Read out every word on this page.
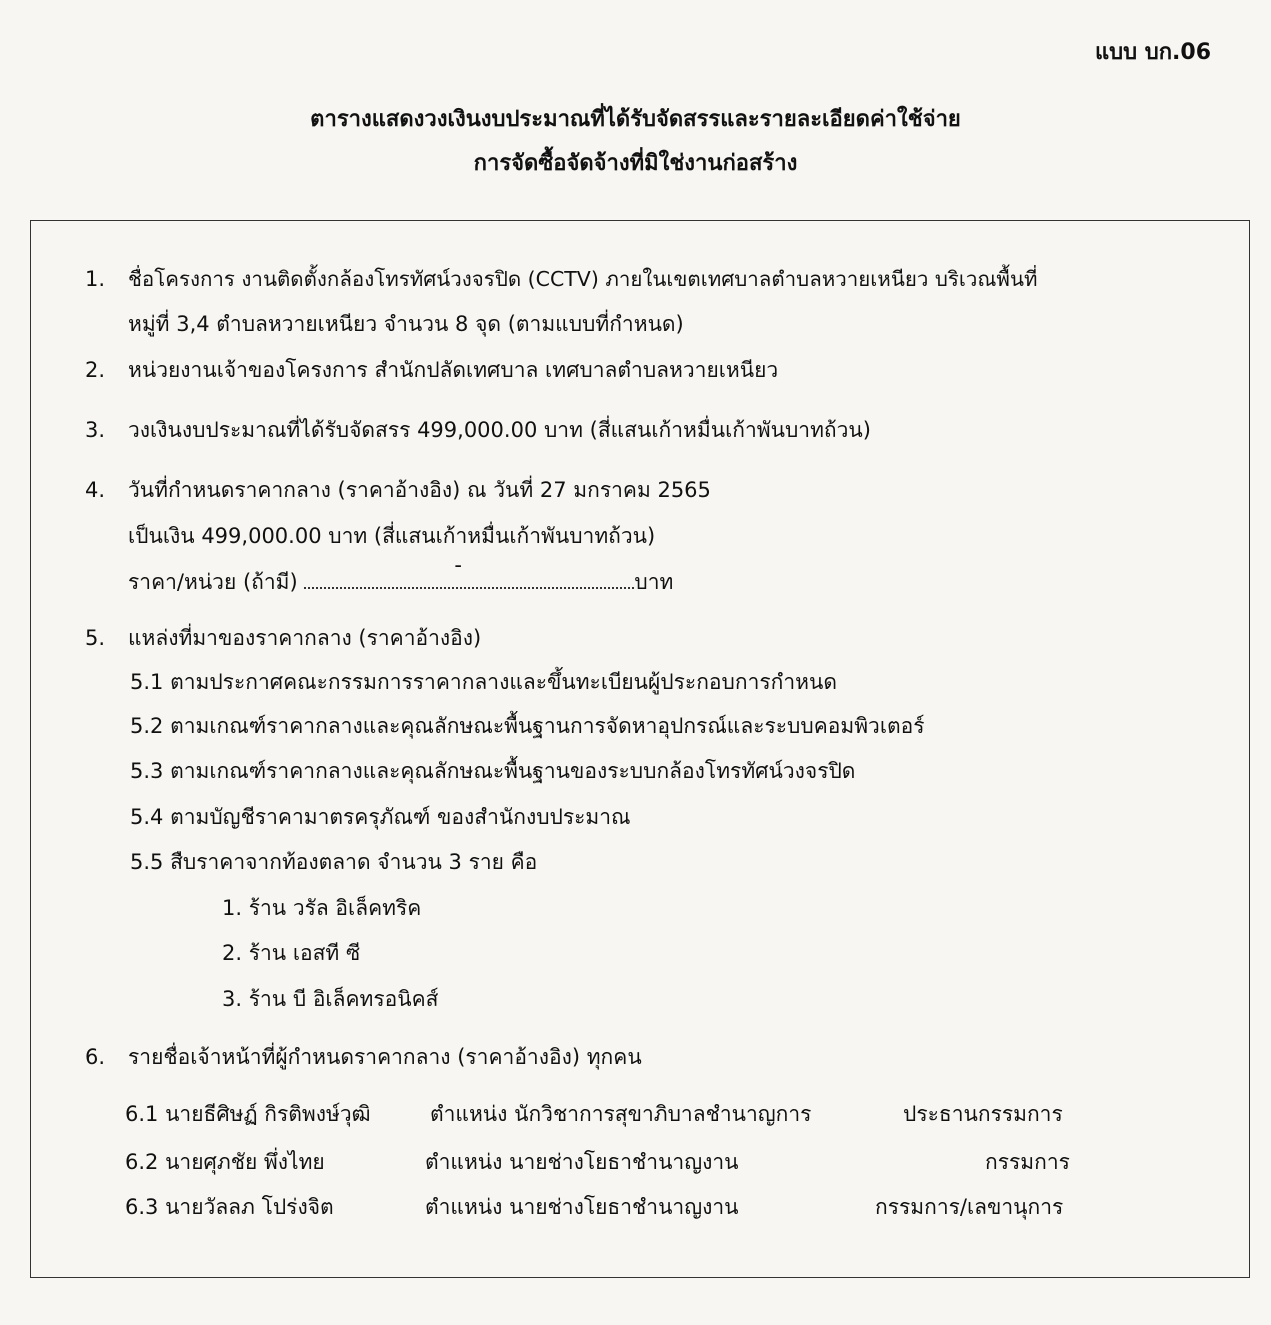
แบบ บก.06
ตารางแสดงวงเงินงบประมาณที่ได้รับจัดสรรและรายละเอียดค่าใช้จ่าย
การจัดซื้อจัดจ้างที่มิใช่งานก่อสร้าง
1. ชื่อโครงการ งานติดตั้งกล้องโทรทัศน์วงจรปิด (CCTV) ภายในเขตเทศบาลตำบลหวายเหนียว บริเวณพื้นที่
หมู่ที่ 3,4 ตำบลหวายเหนียว จำนวน 8 จุด (ตามแบบที่กำหนด)
2. หน่วยงานเจ้าของโครงการ สำนักปลัดเทศบาล เทศบาลตำบลหวายเหนียว
3. วงเงินงบประมาณที่ได้รับจัดสรร 499,000.00 บาท (สี่แสนเก้าหมื่นเก้าพันบาทถ้วน)
4. วันที่กำหนดราคากลาง (ราคาอ้างอิง) ณ วันที่ 27 มกราคม 2565
เป็นเงิน 499,000.00 บาท (สี่แสนเก้าหมื่นเก้าพันบาทถ้วน)
ราคา/หน่วย (ถ้ามี)
-
บาท
5. แหล่งที่มาของราคากลาง (ราคาอ้างอิง)
5.1 ตามประกาศคณะกรรมการราคากลางและขึ้นทะเบียนผู้ประกอบการกำหนด
5.2 ตามเกณฑ์ราคากลางและคุณลักษณะพื้นฐานการจัดหาอุปกรณ์และระบบคอมพิวเตอร์
5.3 ตามเกณฑ์ราคากลางและคุณลักษณะพื้นฐานของระบบกล้องโทรทัศน์วงจรปิด
5.4 ตามบัญชีราคามาตรครุภัณฑ์ ของสำนักงบประมาณ
5.5 สืบราคาจากท้องตลาด จำนวน 3 ราย คือ
1. ร้าน วรัล อิเล็คทริค
2. ร้าน เอสที ซี
3. ร้าน บี อิเล็คทรอนิคส์
6. รายชื่อเจ้าหน้าที่ผู้กำหนดราคากลาง (ราคาอ้างอิง) ทุกคน
6.1 นายธีศิษฏ์ กิรติพงษ์วุฒิ	ตำแหน่ง นักวิชาการสุขาภิบาลชำนาญการ	ประธานกรรมการ
6.2 นายศุภชัย พึ่งไทย	ตำแหน่ง นายช่างโยธาชำนาญงาน	กรรมการ
6.3 นายวัลลภ โปร่งจิต	ตำแหน่ง นายช่างโยธาชำนาญงาน	กรรมการ/เลขานุการ
